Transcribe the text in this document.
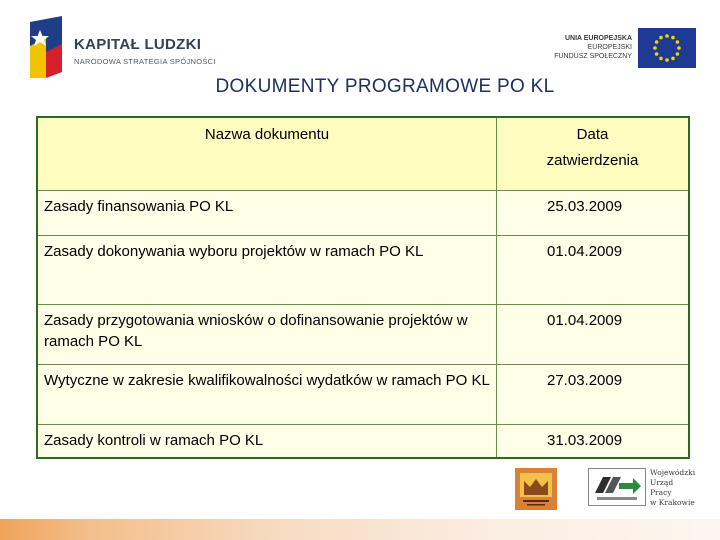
KAPITAŁ LUDZKI
NARODOWA STRATEGIA SPÓJNOŚCI
UNIA EUROPEJSKA
EUROPEJSKI
FUNDUSZ SPOŁECZNY
DOKUMENTY PROGRAMOWE PO KL
Nazwa dokumentu	Data
zatwierdzenia

Zasady finansowania PO KL	25.03.2009
Zasady dokonywania wyboru projektów w ramach PO KL	01.04.2009
Zasady przygotowania wniosków o dofinansowanie projektów w ramach PO KL	01.04.2009
Wytyczne w zakresie kwalifikowalności wydatków w ramach PO KL	27.03.2009
Zasady kontroli w ramach PO KL	31.03.2009
Wojewódzki
Urząd
Pracy
w Krakowie
